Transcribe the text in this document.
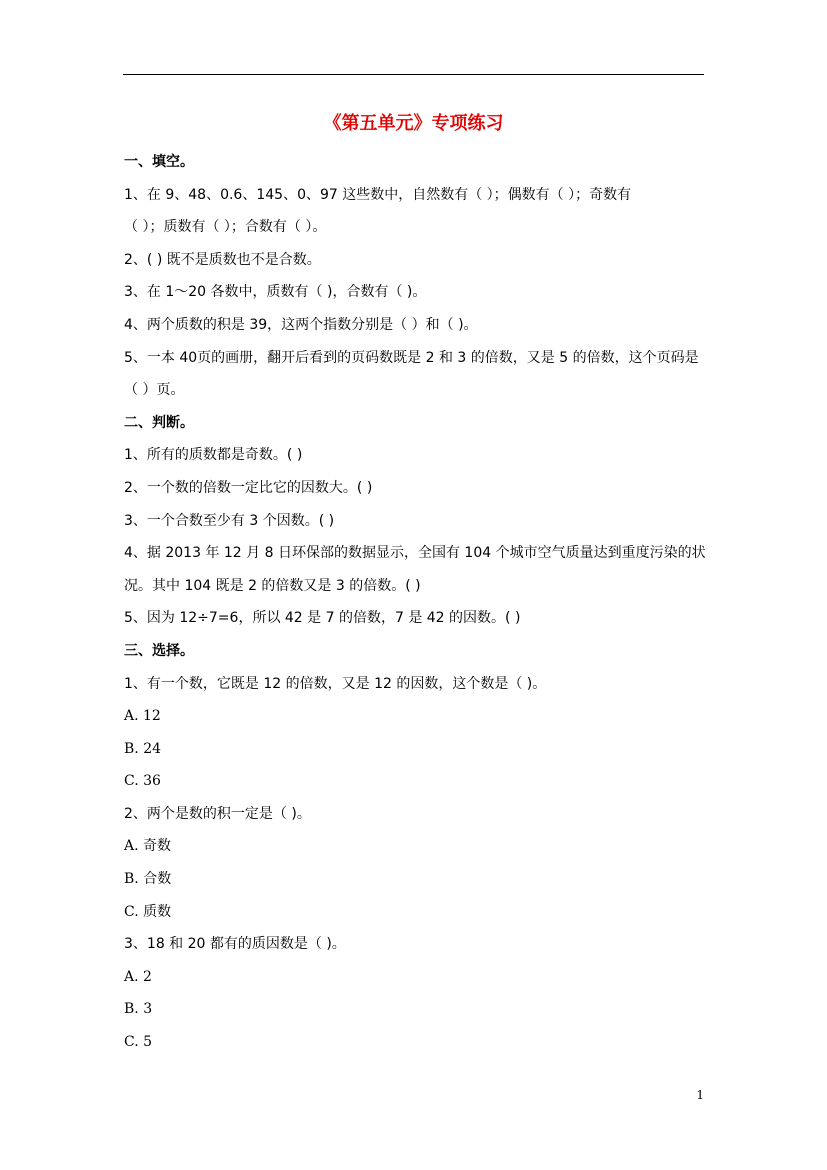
《第五单元》专项练习
一、填空。
1、在 9、48、0.6、145、0、97 这些数中，自然数有（ ）；偶数有（ ）；奇数有
（ ）；质数有（ ）；合数有（ ）。
2、( ) 既不是质数也不是合数。
3、在 1～20 各数中，质数有（ )，合数有（ )。
4、两个质数的积是 39，这两个指数分别是（ ）和（ )。
5、一本 40页的画册，翻开后看到的页码数既是 2 和 3 的倍数，又是 5 的倍数，这个页码是
（ ）页。
二、判断。
1、所有的质数都是奇数。( )
2、一个数的倍数一定比它的因数大。( )
3、一个合数至少有 3 个因数。( )
4、据 2013 年 12 月 8 日环保部的数据显示，全国有 104 个城市空气质量达到重度污染的状
况。其中 104 既是 2 的倍数又是 3 的倍数。( )
5、因为 12÷7=6，所以 42 是 7 的倍数，7 是 42 的因数。( )
三、选择。
1、有一个数，它既是 12 的倍数，又是 12 的因数，这个数是（ )。
A. 12
B. 24
C. 36
2、两个是数的积一定是（ )。
A. 奇数
B. 合数
C. 质数
3、18 和 20 都有的质因数是（ )。
A. 2
B. 3
C. 5
1
